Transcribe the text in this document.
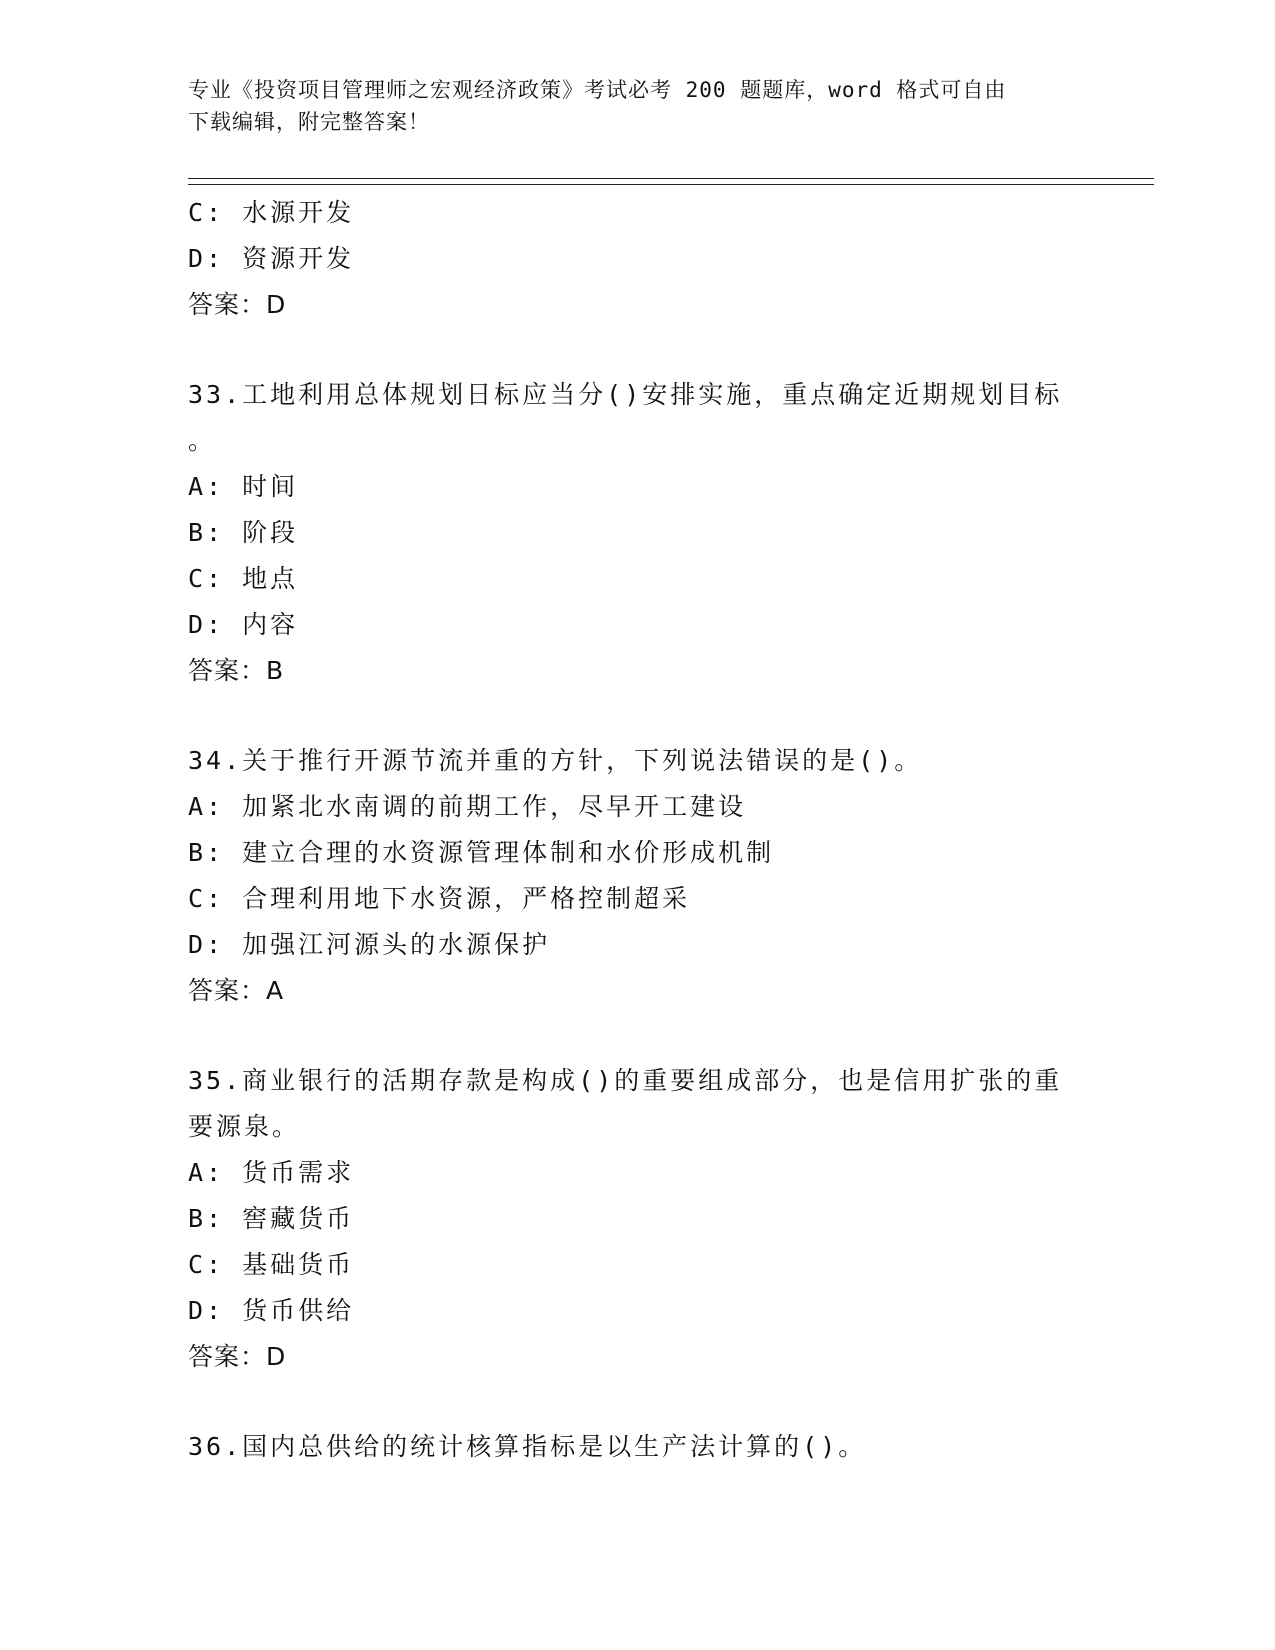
专业《投资项目管理师之宏观经济政策》考试必考 200 题题库，word 格式可自由
下载编辑，附完整答案！
C: 水源开发
D: 资源开发
答案：D
33.工地利用总体规划日标应当分()安排实施，重点确定近期规划目标
。
A: 时间
B: 阶段
C: 地点
D: 内容
答案：B
34.关于推行开源节流并重的方针，下列说法错误的是()。
A: 加紧北水南调的前期工作，尽早开工建设
B: 建立合理的水资源管理体制和水价形成机制
C: 合理利用地下水资源，严格控制超采
D: 加强江河源头的水源保护
答案：A
35.商业银行的活期存款是构成()的重要组成部分，也是信用扩张的重
要源泉。
A: 货币需求
B: 窖藏货币
C: 基础货币
D: 货币供给
答案：D
36.国内总供给的统计核算指标是以生产法计算的()。
